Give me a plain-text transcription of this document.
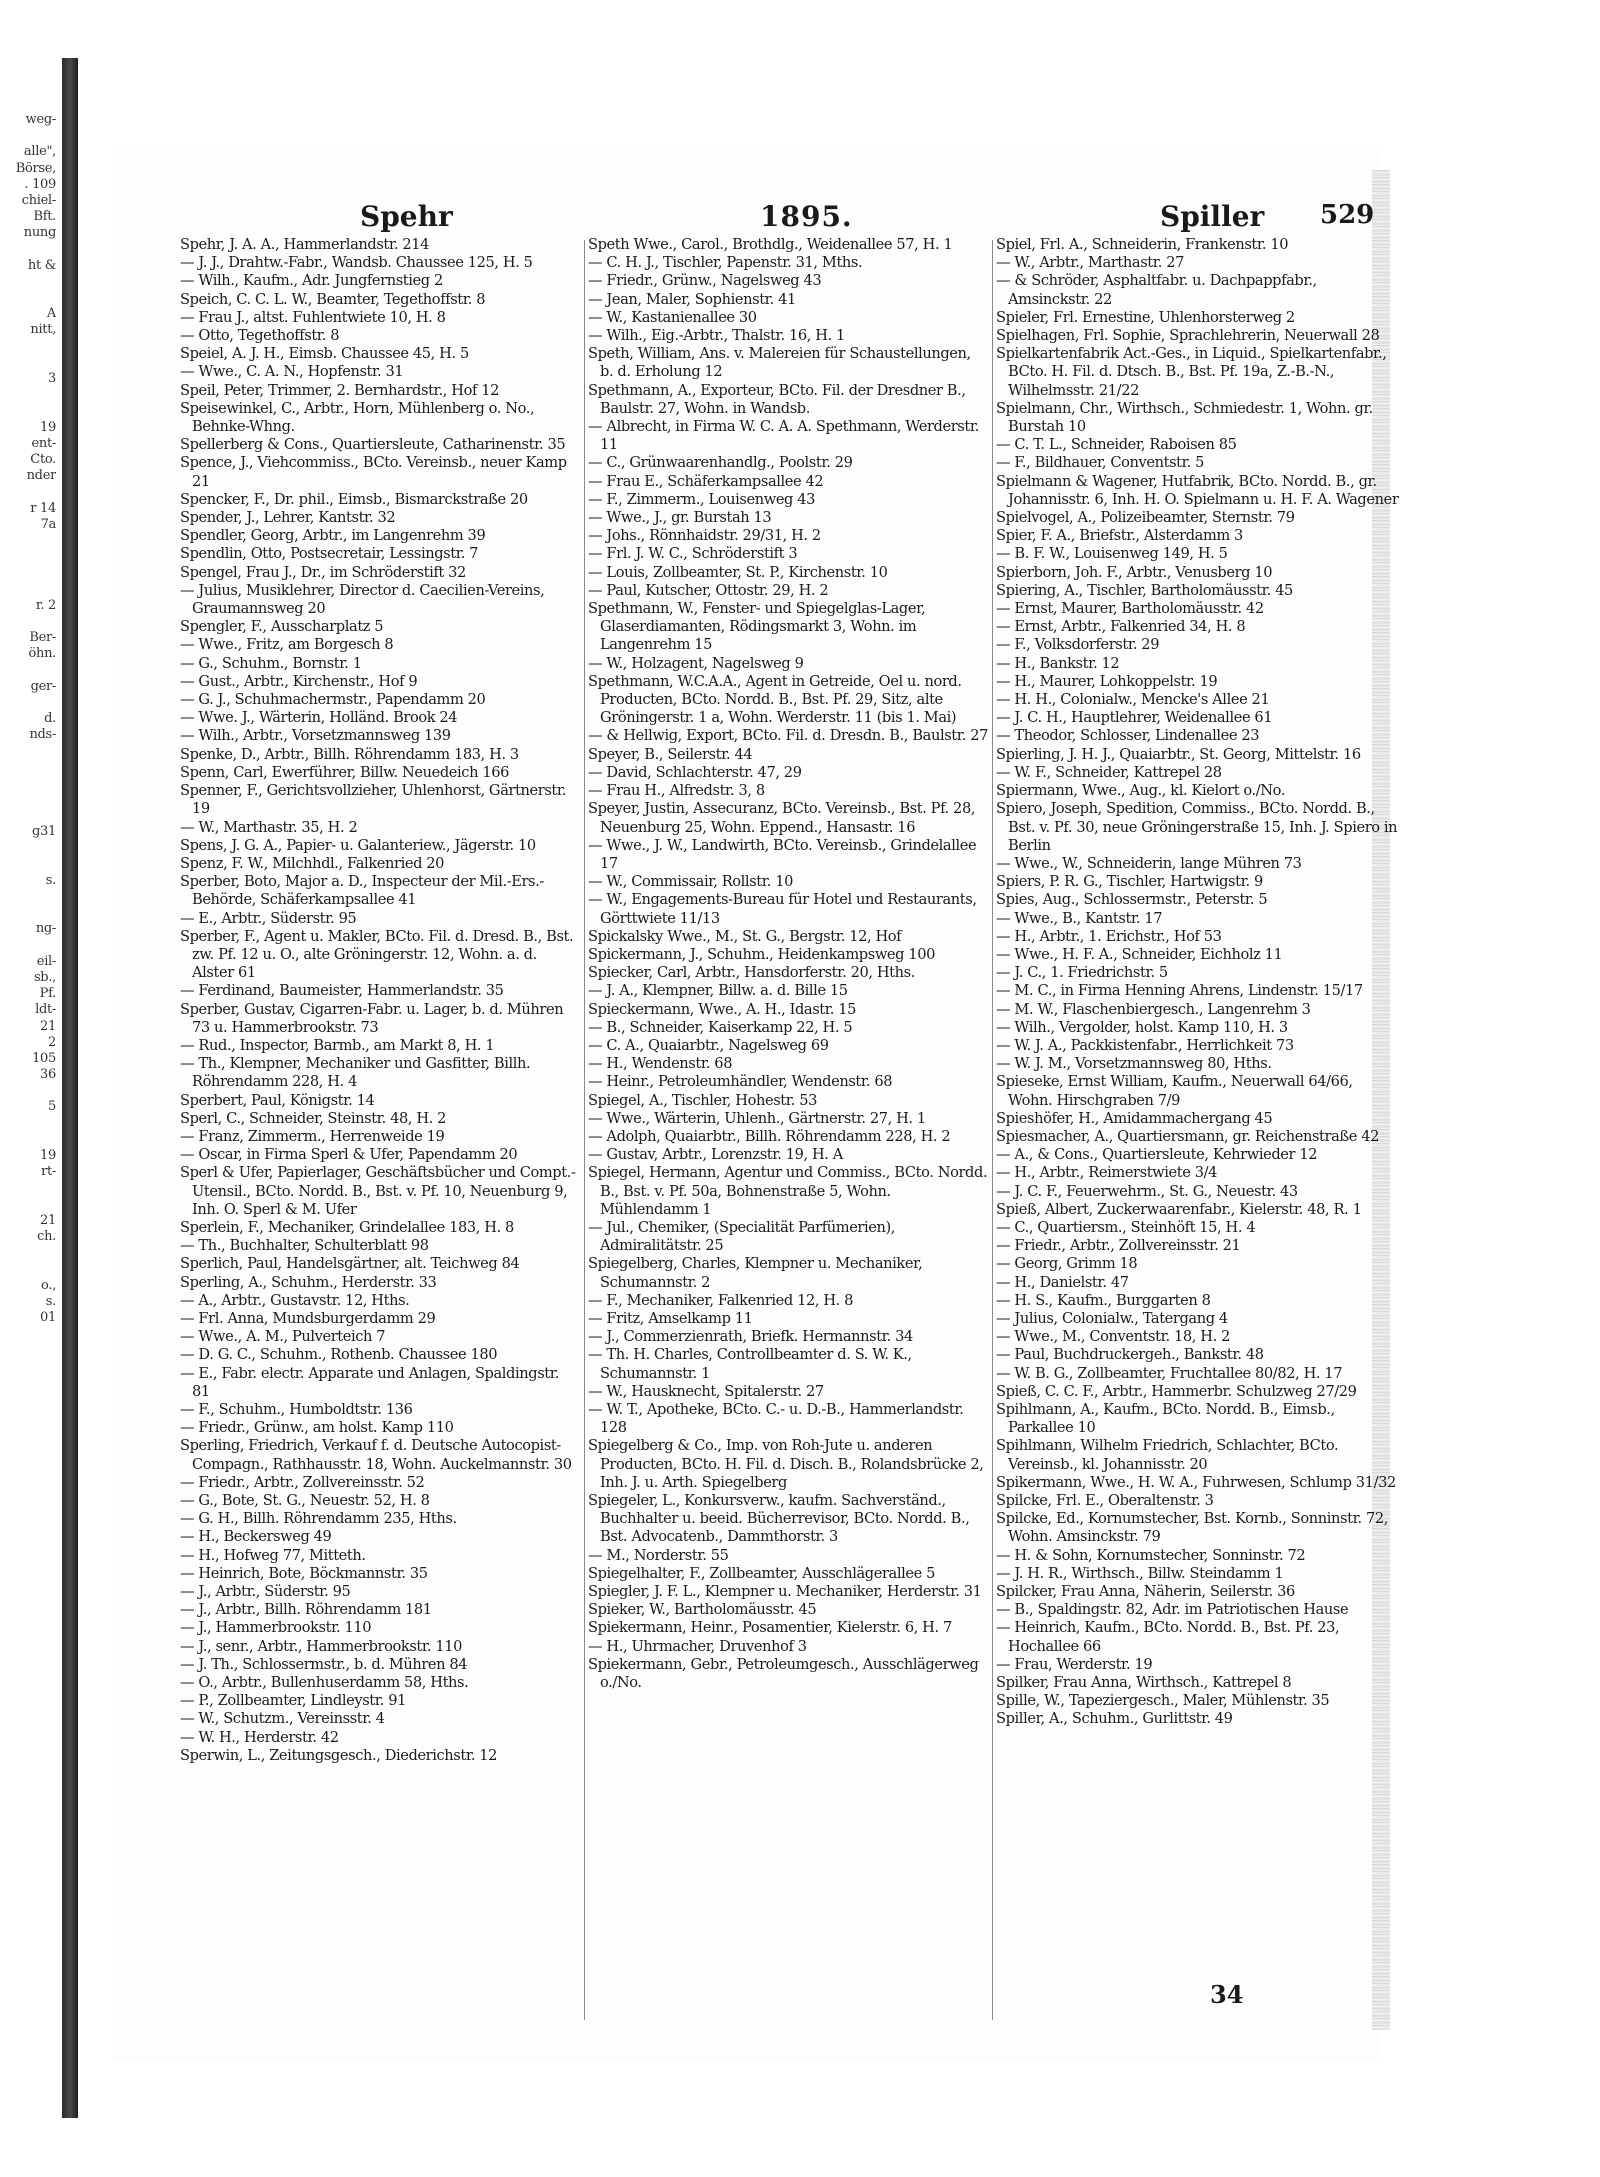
weg-
alle",
Börse,
. 109
chiel-
Bft.
nung
ht &
A
nitt,
3
19
ent-
Cto.
nder
r 14
7a
r. 2
Ber-
öhn.
ger-
d.
nds-
g31
s.
ng-
eil-
sb.,
Pf.
ldt-
21
2
105
36
5
19
rt-
21
ch.
o.,
s.
01
Spehr	1895.	Spiller 529
Spehr, J. A. A., Hammerlandstr. 214
— J. J., Drahtw.-Fabr., Wandsb. Chaussee 125, H. 5
— Wilh., Kaufm., Adr. Jungfernstieg 2
Speich, C. C. L. W., Beamter, Tegethoffstr. 8
— Frau J., altst. Fuhlentwiete 10, H. 8
— Otto, Tegethoffstr. 8
Speiel, A. J. H., Eimsb. Chaussee 45, H. 5
— Wwe., C. A. N., Hopfenstr. 31
Speil, Peter, Trimmer, 2. Bernhardstr., Hof 12
Speisewinkel, C., Arbtr., Horn, Mühlenberg o. No., Behnke-Whng.
Spellerberg & Cons., Quartiersleute, Catharinenstr. 35
Spence, J., Viehcommiss., BCto. Vereinsb., neuer Kamp 21
Spencker, F., Dr. phil., Eimsb., Bismarckstraße 20
Spender, J., Lehrer, Kantstr. 32
Spendler, Georg, Arbtr., im Langenrehm 39
Spendlin, Otto, Postsecretair, Lessingstr. 7
Spengel, Frau J., Dr., im Schröderstift 32
— Julius, Musiklehrer, Director d. Caecilien-Vereins, Graumannsweg 20
Spengler, F., Ausscharplatz 5
— Wwe., Fritz, am Borgesch 8
— G., Schuhm., Bornstr. 1
— Gust., Arbtr., Kirchenstr., Hof 9
— G. J., Schuhmachermstr., Papendamm 20
— Wwe. J., Wärterin, Holländ. Brook 24
— Wilh., Arbtr., Vorsetzmannsweg 139
Spenke, D., Arbtr., Billh. Röhrendamm 183, H. 3
Spenn, Carl, Ewerführer, Billw. Neuedeich 166
Spenner, F., Gerichtsvollzieher, Uhlenhorst, Gärtnerstr. 19
— W., Marthastr. 35, H. 2
Spens, J. G. A., Papier- u. Galanteriew., Jägerstr. 10
Spenz, F. W., Milchhdl., Falkenried 20
Sperber, Boto, Major a. D., Inspecteur der Mil.-Ers.-Behörde, Schäferkampsallee 41
— E., Arbtr., Süderstr. 95
Sperber, F., Agent u. Makler, BCto. Fil. d. Dresd. B., Bst. zw. Pf. 12 u. O., alte Gröningerstr. 12, Wohn. a. d. Alster 61
— Ferdinand, Baumeister, Hammerlandstr. 35
Sperber, Gustav, Cigarren-Fabr. u. Lager, b. d. Mühren 73 u. Hammerbrookstr. 73
— Rud., Inspector, Barmb., am Markt 8, H. 1
— Th., Klempner, Mechaniker und Gasfitter, Billh. Röhrendamm 228, H. 4
Sperbert, Paul, Königstr. 14
Sperl, C., Schneider, Steinstr. 48, H. 2
— Franz, Zimmerm., Herrenweide 19
— Oscar, in Firma Sperl & Ufer, Papendamm 20
Sperl & Ufer, Papierlager, Geschäftsbücher und Compt.-Utensil., BCto. Nordd. B., Bst. v. Pf. 10, Neuenburg 9, Inh. O. Sperl & M. Ufer
Sperlein, F., Mechaniker, Grindelallee 183, H. 8
— Th., Buchhalter, Schulterblatt 98
Sperlich, Paul, Handelsgärtner, alt. Teichweg 84
Sperling, A., Schuhm., Herderstr. 33
— A., Arbtr., Gustavstr. 12, Hths.
— Frl. Anna, Mundsburgerdamm 29
— Wwe., A. M., Pulverteich 7
— D. G. C., Schuhm., Rothenb. Chaussee 180
— E., Fabr. electr. Apparate und Anlagen, Spaldingstr. 81
— F., Schuhm., Humboldtstr. 136
— Friedr., Grünw., am holst. Kamp 110
Sperling, Friedrich, Verkauf f. d. Deutsche Autocopist-Compagn., Rathhausstr. 18, Wohn. Auckelmannstr. 30
— Friedr., Arbtr., Zollvereinsstr. 52
— G., Bote, St. G., Neuestr. 52, H. 8
— G. H., Billh. Röhrendamm 235, Hths.
— H., Beckersweg 49
— H., Hofweg 77, Mitteth.
— Heinrich, Bote, Böckmannstr. 35
— J., Arbtr., Süderstr. 95
— J., Arbtr., Billh. Röhrendamm 181
— J., Hammerbrookstr. 110
— J., senr., Arbtr., Hammerbrookstr. 110
— J. Th., Schlossermstr., b. d. Mühren 84
— O., Arbtr., Bullenhuserdamm 58, Hths.
— P., Zollbeamter, Lindleystr. 91
— W., Schutzm., Vereinsstr. 4
— W. H., Herderstr. 42
Sperwin, L., Zeitungsgesch., Diederichstr. 12
Speth Wwe., Carol., Brothdlg., Weidenallee 57, H. 1
— C. H. J., Tischler, Papenstr. 31, Mths.
— Friedr., Grünw., Nagelsweg 43
— Jean, Maler, Sophienstr. 41
— W., Kastanienallee 30
— Wilh., Eig.-Arbtr., Thalstr. 16, H. 1
Speth, William, Ans. v. Malereien für Schaustellungen, b. d. Erholung 12
Spethmann, A., Exporteur, BCto. Fil. der Dresdner B., Baulstr. 27, Wohn. in Wandsb.
— Albrecht, in Firma W. C. A. A. Spethmann, Werderstr. 11
— C., Grünwaarenhandlg., Poolstr. 29
— Frau E., Schäferkampsallee 42
— F., Zimmerm., Louisenweg 43
— Wwe., J., gr. Burstah 13
— Johs., Rönnhaidstr. 29/31, H. 2
— Frl. J. W. C., Schröderstift 3
— Louis, Zollbeamter, St. P., Kirchenstr. 10
— Paul, Kutscher, Ottostr. 29, H. 2
Spethmann, W., Fenster- und Spiegelglas-Lager, Glaserdiamanten, Rödingsmarkt 3, Wohn. im Langenrehm 15
— W., Holzagent, Nagelsweg 9
Spethmann, W.C.A.A., Agent in Getreide, Oel u. nord. Producten, BCto. Nordd. B., Bst. Pf. 29, Sitz, alte Gröningerstr. 1 a, Wohn. Werderstr. 11 (bis 1. Mai)
— & Hellwig, Export, BCto. Fil. d. Dresdn. B., Baulstr. 27
Speyer, B., Seilerstr. 44
— David, Schlachterstr. 47, 29
— Frau H., Alfredstr. 3, 8
Speyer, Justin, Assecuranz, BCto. Vereinsb., Bst. Pf. 28, Neuenburg 25, Wohn. Eppend., Hansastr. 16
— Wwe., J. W., Landwirth, BCto. Vereinsb., Grindelallee 17
— W., Commissair, Rollstr. 10
— W., Engagements-Bureau für Hotel und Restaurants, Görttwiete 11/13
Spickalsky Wwe., M., St. G., Bergstr. 12, Hof
Spickermann, J., Schuhm., Heidenkampsweg 100
Spiecker, Carl, Arbtr., Hansdorferstr. 20, Hths.
— J. A., Klempner, Billw. a. d. Bille 15
Spieckermann, Wwe., A. H., Idastr. 15
— B., Schneider, Kaiserkamp 22, H. 5
— C. A., Quaiarbtr., Nagelsweg 69
— H., Wendenstr. 68
— Heinr., Petroleumhändler, Wendenstr. 68
Spiegel, A., Tischler, Hohestr. 53
— Wwe., Wärterin, Uhlenh., Gärtnerstr. 27, H. 1
— Adolph, Quaiarbtr., Billh. Röhrendamm 228, H. 2
— Gustav, Arbtr., Lorenzstr. 19, H. A
Spiegel, Hermann, Agentur und Commiss., BCto. Nordd. B., Bst. v. Pf. 50a, Bohnenstraße 5, Wohn. Mühlendamm 1
— Jul., Chemiker, (Specialität Parfümerien), Admiralitätstr. 25
Spiegelberg, Charles, Klempner u. Mechaniker, Schumannstr. 2
— F., Mechaniker, Falkenried 12, H. 8
— Fritz, Amselkamp 11
— J., Commerzienrath, Briefk. Hermannstr. 34
— Th. H. Charles, Controllbeamter d. S. W. K., Schumannstr. 1
— W., Hausknecht, Spitalerstr. 27
— W. T., Apotheke, BCto. C.- u. D.-B., Hammerlandstr. 128
Spiegelberg & Co., Imp. von Roh-Jute u. anderen Producten, BCto. H. Fil. d. Disch. B., Rolandsbrücke 2, Inh. J. u. Arth. Spiegelberg
Spiegeler, L., Konkursverw., kaufm. Sachverständ., Buchhalter u. beeid. Bücherrevisor, BCto. Nordd. B., Bst. Advocatenb., Dammthorstr. 3
— M., Norderstr. 55
Spiegelhalter, F., Zollbeamter, Ausschlägerallee 5
Spiegler, J. F. L., Klempner u. Mechaniker, Herderstr. 31
Spieker, W., Bartholomäusstr. 45
Spiekermann, Heinr., Posamentier, Kielerstr. 6, H. 7
— H., Uhrmacher, Druvenhof 3
Spiekermann, Gebr., Petroleumgesch., Ausschlägerweg o./No.
Spiel, Frl. A., Schneiderin, Frankenstr. 10
— W., Arbtr., Marthastr. 27
— & Schröder, Asphaltfabr. u. Dachpappfabr., Amsinckstr. 22
Spieler, Frl. Ernestine, Uhlenhorsterweg 2
Spielhagen, Frl. Sophie, Sprachlehrerin, Neuerwall 28
Spielkartenfabrik Act.-Ges., in Liquid., Spielkartenfabr., BCto. H. Fil. d. Dtsch. B., Bst. Pf. 19a, Z.-B.-N., Wilhelmsstr. 21/22
Spielmann, Chr., Wirthsch., Schmiedestr. 1, Wohn. gr. Burstah 10
— C. T. L., Schneider, Raboisen 85
— F., Bildhauer, Conventstr. 5
Spielmann & Wagener, Hutfabrik, BCto. Nordd. B., gr. Johannisstr. 6, Inh. H. O. Spielmann u. H. F. A. Wagener
Spielvogel, A., Polizeibeamter, Sternstr. 79
Spier, F. A., Briefstr., Alsterdamm 3
— B. F. W., Louisenweg 149, H. 5
Spierborn, Joh. F., Arbtr., Venusberg 10
Spiering, A., Tischler, Bartholomäusstr. 45
— Ernst, Maurer, Bartholomäusstr. 42
— Ernst, Arbtr., Falkenried 34, H. 8
— F., Volksdorferstr. 29
— H., Bankstr. 12
— H., Maurer, Lohkoppelstr. 19
— H. H., Colonialw., Mencke's Allee 21
— J. C. H., Hauptlehrer, Weidenallee 61
— Theodor, Schlosser, Lindenallee 23
Spierling, J. H. J., Quaiarbtr., St. Georg, Mittelstr. 16
— W. F., Schneider, Kattrepel 28
Spiermann, Wwe., Aug., kl. Kielort o./No.
Spiero, Joseph, Spedition, Commiss., BCto. Nordd. B., Bst. v. Pf. 30, neue Gröningerstraße 15, Inh. J. Spiero in Berlin
— Wwe., W., Schneiderin, lange Mühren 73
Spiers, P. R. G., Tischler, Hartwigstr. 9
Spies, Aug., Schlossermstr., Peterstr. 5
— Wwe., B., Kantstr. 17
— H., Arbtr., 1. Erichstr., Hof 53
— Wwe., H. F. A., Schneider, Eichholz 11
— J. C., 1. Friedrichstr. 5
— M. C., in Firma Henning Ahrens, Lindenstr. 15/17
— M. W., Flaschenbiergesch., Langenrehm 3
— Wilh., Vergolder, holst. Kamp 110, H. 3
— W. J. A., Packkistenfabr., Herrlichkeit 73
— W. J. M., Vorsetzmannsweg 80, Hths.
Spieseke, Ernst William, Kaufm., Neuerwall 64/66, Wohn. Hirschgraben 7/9
Spieshöfer, H., Amidammachergang 45
Spiesmacher, A., Quartiersmann, gr. Reichenstraße 42
— A., & Cons., Quartiersleute, Kehrwieder 12
— H., Arbtr., Reimerstwiete 3/4
— J. C. F., Feuerwehrm., St. G., Neuestr. 43
Spieß, Albert, Zuckerwaarenfabr., Kielerstr. 48, R. 1
— C., Quartiersm., Steinhöft 15, H. 4
— Friedr., Arbtr., Zollvereinsstr. 21
— Georg, Grimm 18
— H., Danielstr. 47
— H. S., Kaufm., Burggarten 8
— Julius, Colonialw., Tatergang 4
— Wwe., M., Conventstr. 18, H. 2
— Paul, Buchdruckergeh., Bankstr. 48
— W. B. G., Zollbeamter, Fruchtallee 80/82, H. 17
Spieß, C. C. F., Arbtr., Hammerbr. Schulzweg 27/29
Spihlmann, A., Kaufm., BCto. Nordd. B., Eimsb., Parkallee 10
Spihlmann, Wilhelm Friedrich, Schlachter, BCto. Vereinsb., kl. Johannisstr. 20
Spikermann, Wwe., H. W. A., Fuhrwesen, Schlump 31/32
Spilcke, Frl. E., Oberaltenstr. 3
Spilcke, Ed., Kornumstecher, Bst. Kornb., Sonninstr. 72, Wohn. Amsinckstr. 79
— H. & Sohn, Kornumstecher, Sonninstr. 72
— J. H. R., Wirthsch., Billw. Steindamm 1
Spilcker, Frau Anna, Näherin, Seilerstr. 36
— B., Spaldingstr. 82, Adr. im Patriotischen Hause
— Heinrich, Kaufm., BCto. Nordd. B., Bst. Pf. 23, Hochallee 66
— Frau, Werderstr. 19
Spilker, Frau Anna, Wirthsch., Kattrepel 8
Spille, W., Tapeziergesch., Maler, Mühlenstr. 35
Spiller, A., Schuhm., Gurlittstr. 49
34
